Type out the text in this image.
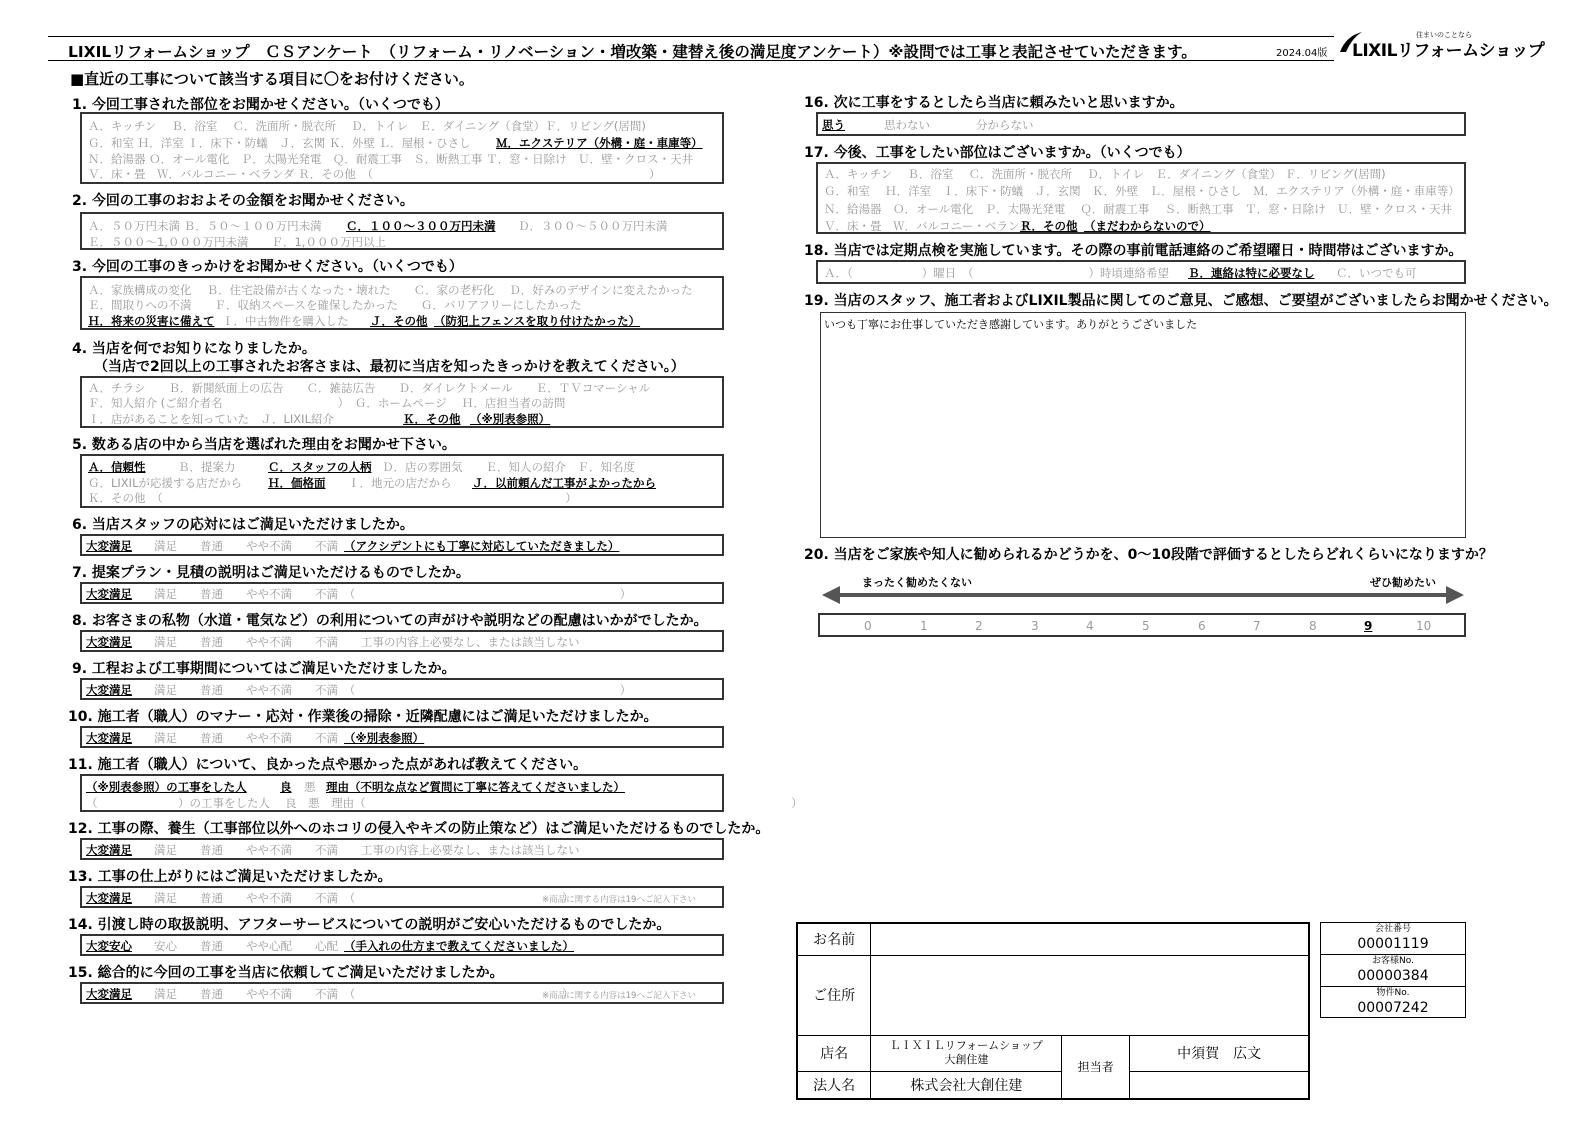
LIXILリフォームショップ　ＣＳアンケート　（リフォーム・リノベーション・増改築・建替え後の満足度アンケート）※設問では工事と表記させていただきます。	2024.04版
住まいのことなら
LIXILリフォームショップ
■直近の工事について該当する項目に〇をお付けください。
1. 今回工事された部位をお聞かせください。（いくつでも）
Ａ．キッチン　 Ｂ．浴室　 Ｃ．洗面所・脱衣所　 Ｄ．トイレ　Ｅ．ダイニング（食堂）Ｆ．リビング(居間)
Ｇ．和室 Ｈ．洋室 Ｉ．床下・防蟻　Ｊ．玄関 Ｋ．外壁 Ｌ．屋根・ひさし Ｍ．エクステリア（外構・庭・車庫等）
Ｎ．給湯器 Ｏ．オール電化　Ｐ．太陽光発電　Ｑ．耐震工事　Ｓ．断熱工事 Ｔ．窓・日除け　Ｕ．壁・クロス・天井
Ｖ．床・畳　Ｗ．バルコニー・ベランダ Ｒ．その他　（　　　　　　　　　　　　　　　　　　　　　　　　）
2. 今回の工事のおおよその金額をお聞かせください。
Ａ．５０万円未満 Ｂ．５０～１００万円未満 Ｃ．１００～３００万円未満 Ｄ．３００～５００万円未満
Ｅ．５００～1,０００万円未満　　Ｆ．1,０００万円以上
3. 今回の工事のきっかけをお聞かせください。（いくつでも）
Ａ．家族構成の変化　 Ｂ．住宅設備が古くなった・壊れた　　Ｃ．家の老朽化　 Ｄ．好みのデザインに変えたかった
Ｅ．間取りへの不満　　Ｆ．収納スペースを確保したかった　　Ｇ．バリアフリーにしたかった
Ｈ．将来の災害に備えて Ｉ．中古物件を購入した Ｊ．その他 （防犯上フェンスを取り付けたかった）
4. 当店を何でお知りになりましたか。
（当店で2回以上の工事されたお客さまは、最初に当店を知ったきっかけを教えてください。）
Ａ．チラシ　　Ｂ．新聞紙面上の広告　　Ｃ．雑誌広告　　Ｄ．ダイレクトメール　　Ｅ．ＴＶコマーシャル
Ｆ．知人紹介 (ご紹介者名　　　　　　　　　　）　Ｇ．ホームページ　 Ｈ．店担当者の訪問
Ｉ．店があることを知っていた　Ｊ．LIXIL紹介	Ｋ．その他 （※別表参照）
5. 数ある店の中から当店を選ばれた理由をお聞かせ下さい。
Ａ．信頼性	Ｂ．提案力	Ｃ．スタッフの人柄 Ｄ．店の雰囲気　　Ｅ．知人の紹介　Ｆ．知名度
Ｇ．LIXILが応援する店だから Ｈ．価格面 Ｉ．地元の店だから Ｊ．以前頼んだ工事がよかったから
Ｋ．その他　（　　　　　　　　　　　　　　　　　　　　　　　　　　　　　　　　　　　）
6. 当店スタッフの応対にはご満足いただけましたか。
大変満足 満足　　普通　　やや不満　　不満 （アクシデントにも丁寧に対応していただきました）
7. 提案プラン・見積の説明はご満足いただけるものでしたか。
大変満足 満足　　普通　　やや不満　　不満　（　　　　　　　　　　　　　　　　　　　　　　　）
8. お客さまの私物（水道・電気など）の利用についての声がけや説明などの配慮はいかがでしたか。
大変満足 満足　　普通　　やや不満　　不満　　工事の内容上必要なし、または該当しない
9. 工程および工事期間についてはご満足いただけましたか。
大変満足 満足　　普通　　やや不満　　不満　（　　　　　　　　　　　　　　　　　　　　　　　）
10. 施工者（職人）のマナー・応対・作業後の掃除・近隣配慮にはご満足いただけましたか。
大変満足 満足　　普通　　やや不満　　不満 （※別表参照）
11. 施工者（職人）について、良かった点や悪かった点があれば教えてください。
（※別表参照）の工事をした人	良 悪 理由（不明な点など質問に丁寧に答えてくださいました）
（　　　　　　　）の工事をした人　 良　悪　理由（　　　　　　　　　　　　　　　　　　　　　　　　　　　　　　　　　　　　　）
12. 工事の際、養生（工事部位以外へのホコリの侵入やキズの防止策など）はご満足いただけるものでしたか。
大変満足 満足　　普通　　やや不満　　不満　　工事の内容上必要なし、または該当しない
13. 工事の仕上がりにはご満足いただけましたか。
大変満足 満足　　普通　　やや不満　　不満　（　　　　　　　　　　　　　　　　　　）
※商品に関する内容は19へご記入下さい
14. 引渡し時の取扱説明、アフターサービスについての説明がご安心いただけるものでしたか。
大変安心 安心　　普通　　やや心配　　心配 （手入れの仕方まで教えてくださいました）
15. 総合的に今回の工事を当店に依頼してご満足いただけましたか。
大変満足 満足　　普通　　やや不満　　不満　（　　　　　　　　　　　　　　　　　　）
※商品に関する内容は19へご記入下さい
16. 次に工事をするとしたら当店に頼みたいと思いますか。
思う	思わない　　　　分からない
17. 今後、工事をしたい部位はございますか。（いくつでも）
Ａ．キッチン　 Ｂ．浴室　 Ｃ．洗面所・脱衣所　 Ｄ．トイレ　Ｅ．ダイニング（食堂） Ｆ．リビング(居間)
Ｇ．和室　 Ｈ．洋室　Ｉ．床下・防蟻　Ｊ．玄関　Ｋ．外壁　Ｌ．屋根・ひさし　Ｍ．エクステリア（外構・庭・車庫等）
Ｎ．給湯器　Ｏ．オール電化　Ｐ．太陽光発電　 Ｑ．耐震工事　 Ｓ．断熱工事　Ｔ．窓・日除け　Ｕ．壁・クロス・天井
Ｖ．床・畳　Ｗ．バルコニー・ベランダ
Ｒ．その他 （まだわからないので）
18. 当店では定期点検を実施しています。その際の事前電話連絡のご希望曜日・時間帯はございますか。
Ａ．（　　　　　　）曜日　（　　　　　　　　　　）時頃連絡希望 Ｂ．連絡は特に必要なし Ｃ．いつでも可
19. 当店のスタッフ、施工者およびLIXIL製品に関してのご意見、ご感想、ご要望がございましたらお聞かせください。
いつも丁寧にお仕事していただき感謝しています。ありがとうございました
20. 当店をご家族や知人に勧められるかどうかを、0～10段階で評価するとしたらどれくらいになりますか？
まったく勧めたくない	ぜひ勧めたい
お名前			
ご住所			
店名	ＬＩＸＩＬリフォームショップ
大創住建	担当者	中須賀　広文
法人名	株式会社大創住建		
会社番号
00001119
お客様No.
00000384
物件No.
00007242
0	1	2	3	4	5	6	7	8	9	10
